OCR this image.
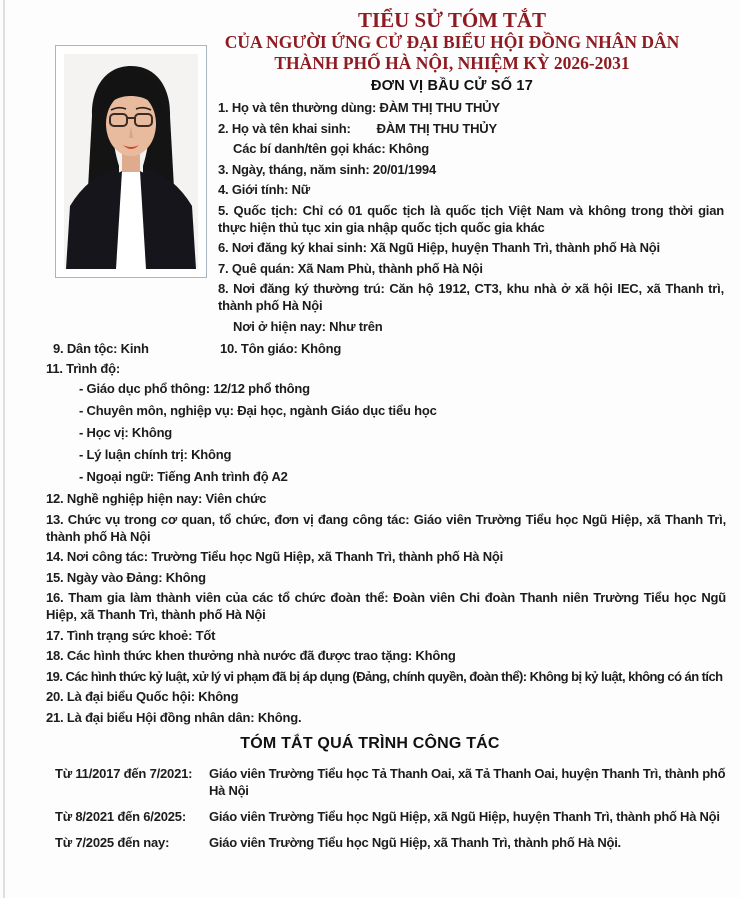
TIỂU SỬ TÓM TẮT
CỦA NGƯỜI ỨNG CỬ ĐẠI BIỂU HỘI ĐỒNG NHÂN DÂN
THÀNH PHỐ HÀ NỘI, NHIỆM KỲ 2026-2031
ĐƠN VỊ BẦU CỬ SỐ 17

1. Họ và tên thường dùng: ĐÀM THỊ THU THỦY

2. Họ và tên khai sinh: ĐÀM THỊ THU THỦY

Các bí danh/tên gọi khác: Không

3. Ngày, tháng, năm sinh: 20/01/1994

4. Giới tính: Nữ

5. Quốc tịch: Chỉ có 01 quốc tịch là quốc tịch Việt Nam và không trong thời gian thực hiện thủ tục xin gia nhập quốc tịch quốc gia khác

6. Nơi đăng ký khai sinh: Xã Ngũ Hiệp, huyện Thanh Trì, thành phố Hà Nội

7. Quê quán: Xã Nam Phù, thành phố Hà Nội

8. Nơi đăng ký thường trú: Căn hộ 1912, CT3, khu nhà ở xã hội IEC, xã Thanh trì, thành phố Hà Nội

Nơi ở hiện nay: Như trên

9. Dân tộc: Kinh	10. Tôn giáo: Không

11. Trình độ:

- Giáo dục phổ thông: 12/12 phổ thông

- Chuyên môn, nghiệp vụ: Đại học, ngành Giáo dục tiểu học

- Học vị: Không

- Lý luận chính trị: Không

- Ngoại ngữ: Tiếng Anh trình độ A2

12. Nghề nghiệp hiện nay: Viên chức

13. Chức vụ trong cơ quan, tổ chức, đơn vị đang công tác: Giáo viên Trường Tiểu học Ngũ Hiệp, xã Thanh Trì, thành phố Hà Nội

14. Nơi công tác: Trường Tiểu học Ngũ Hiệp, xã Thanh Trì, thành phố Hà Nội

15. Ngày vào Đảng: Không

16. Tham gia làm thành viên của các tổ chức đoàn thể: Đoàn viên Chi đoàn Thanh niên Trường Tiểu học Ngũ Hiệp, xã Thanh Trì, thành phố Hà Nội

17. Tình trạng sức khoẻ: Tốt

18. Các hình thức khen thưởng nhà nước đã được trao tặng: Không

19. Các hình thức kỷ luật, xử lý vi phạm đã bị áp dụng (Đảng, chính quyền, đoàn thể): Không bị kỷ luật, không có án tích

20. Là đại biểu Quốc hội: Không

21. Là đại biểu Hội đồng nhân dân: Không.

TÓM TẮT QUÁ TRÌNH CÔNG TÁC
Từ 11/2017 đến 7/2021:	Giáo viên Trường Tiểu học Tả Thanh Oai, xã Tả Thanh Oai, huyện Thanh Trì, thành phố Hà Nội
Từ 8/2021 đến 6/2025:	Giáo viên Trường Tiểu học Ngũ Hiệp, xã Ngũ Hiệp, huyện Thanh Trì, thành phố Hà Nội
Từ 7/2025 đến nay:	Giáo viên Trường Tiểu học Ngũ Hiệp, xã Thanh Trì, thành phố Hà Nội.
